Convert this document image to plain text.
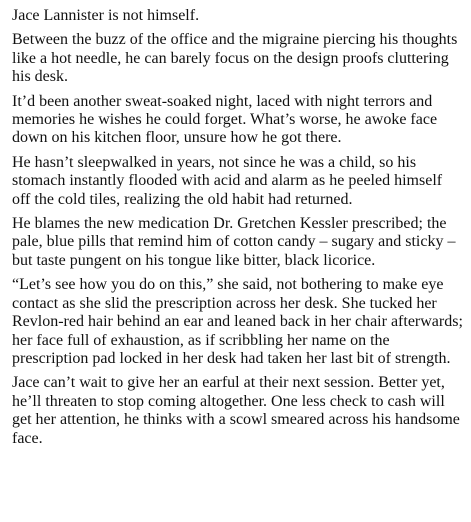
Jace Lannister is not himself.

Between the buzz of the office and the migraine piercing his thoughts like a hot needle, he can barely focus on the design proofs cluttering his desk.

It’d been another sweat-soaked night, laced with night terrors and memories he wishes he could forget. What’s worse, he awoke face down on his kitchen floor, unsure how he got there.

He hasn’t sleepwalked in years, not since he was a child, so his stomach instantly flooded with acid and alarm as he peeled himself off the cold tiles, realizing the old habit had returned.

He blames the new medication Dr. Gretchen Kessler prescribed; the pale, blue pills that remind him of cotton candy – sugary and sticky – but taste pungent on his tongue like bitter, black licorice.

“Let’s see how you do on this,” she said, not bothering to make eye contact as she slid the prescription across her desk. She tucked her Revlon-red hair behind an ear and leaned back in her chair afterwards; her face full of exhaustion, as if scribbling her name on the prescription pad locked in her desk had taken her last bit of strength.

Jace can’t wait to give her an earful at their next session. Better yet, he’ll threaten to stop coming altogether. One less check to cash will get her attention, he thinks with a scowl smeared across his handsome face.
